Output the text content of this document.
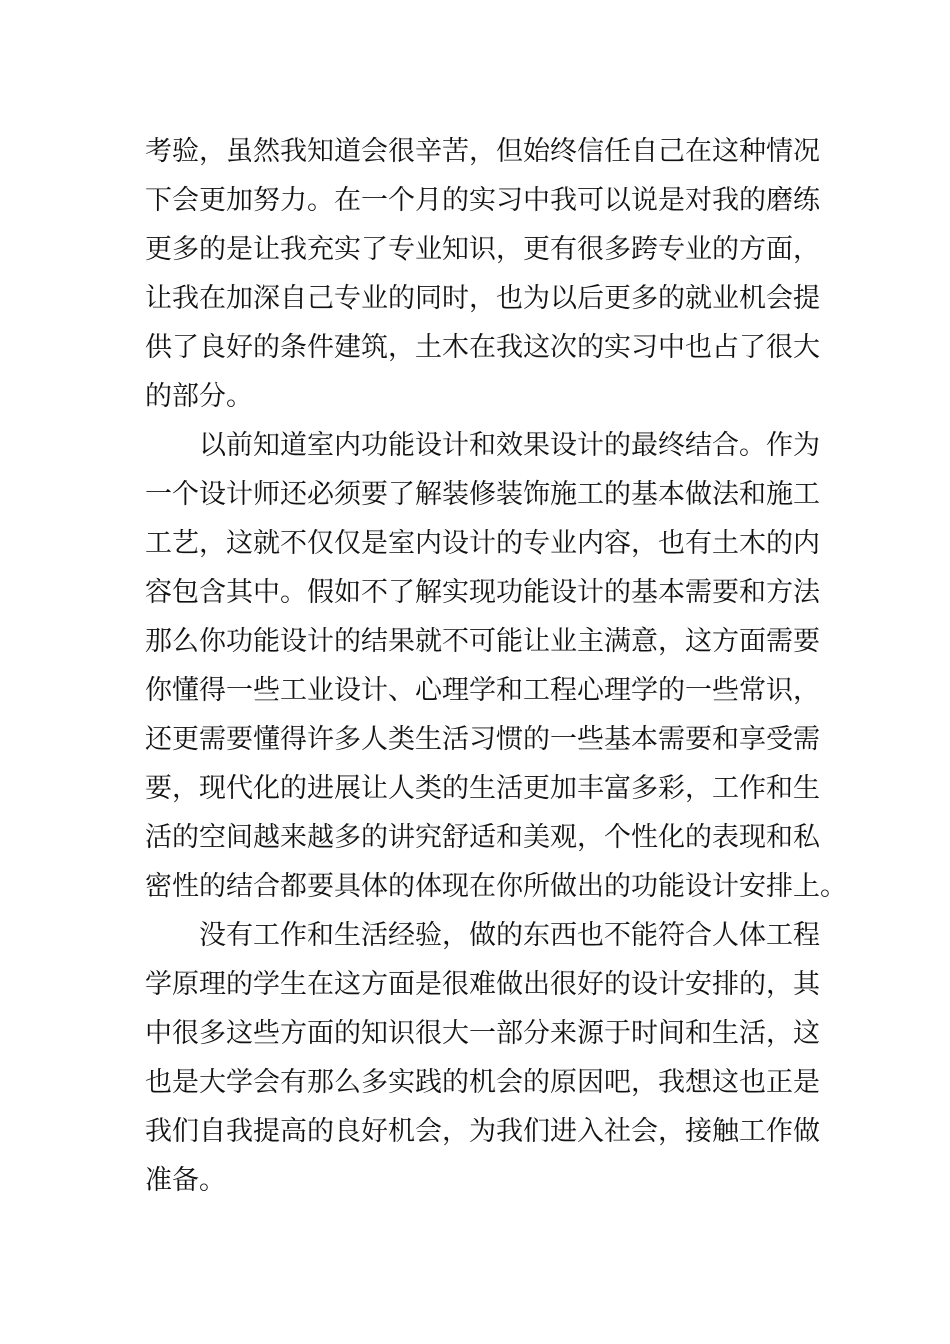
考验，虽然我知道会很辛苦，但始终信任自己在这种情况
下会更加努力。在一个月的实习中我可以说是对我的磨练
更多的是让我充实了专业知识，更有很多跨专业的方面，
让我在加深自己专业的同时，也为以后更多的就业机会提
供了良好的条件建筑，土木在我这次的实习中也占了很大
的部分。
以前知道室内功能设计和效果设计的最终结合。作为
一个设计师还必须要了解装修装饰施工的基本做法和施工
工艺，这就不仅仅是室内设计的专业内容，也有土木的内
容包含其中。假如不了解实现功能设计的基本需要和方法
那么你功能设计的结果就不可能让业主满意，这方面需要
你懂得一些工业设计、心理学和工程心理学的一些常识，
还更需要懂得许多人类生活习惯的一些基本需要和享受需
要，现代化的进展让人类的生活更加丰富多彩，工作和生
活的空间越来越多的讲究舒适和美观，个性化的表现和私
密性的结合都要具体的体现在你所做出的功能设计安排上。
没有工作和生活经验，做的东西也不能符合人体工程
学原理的学生在这方面是很难做出很好的设计安排的，其
中很多这些方面的知识很大一部分来源于时间和生活，这
也是大学会有那么多实践的机会的原因吧，我想这也正是
我们自我提高的良好机会，为我们进入社会，接触工作做
准备。
